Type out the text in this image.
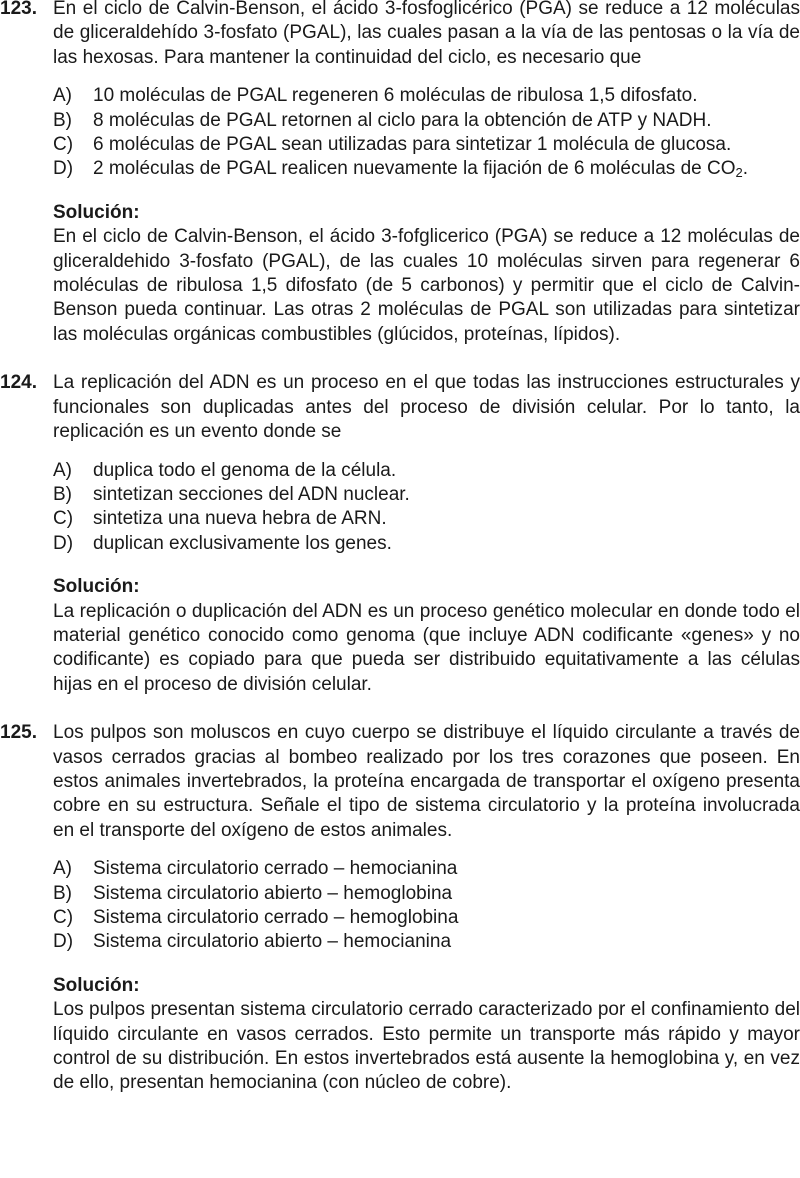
123. En el ciclo de Calvin-Benson, el ácido 3-fosfoglicérico (PGA) se reduce a 12 moléculas de gliceraldehído 3-fosfato (PGAL), las cuales pasan a la vía de las pentosas o la vía de las hexosas. Para mantener la continuidad del ciclo, es necesario que
A) 10 moléculas de PGAL regeneren 6 moléculas de ribulosa 1,5 difosfato.
B) 8 moléculas de PGAL retornen al ciclo para la obtención de ATP y NADH.
C) 6 moléculas de PGAL sean utilizadas para sintetizar 1 molécula de glucosa.
D) 2 moléculas de PGAL realicen nuevamente la fijación de 6 moléculas de $CO_2$.
Solución:
En el ciclo de Calvin-Benson, el ácido 3-fofglicerico (PGA) se reduce a 12 moléculas de gliceraldehido 3-fosfato (PGAL), de las cuales 10 moléculas sirven para regenerar 6 moléculas de ribulosa 1,5 difosfato (de 5 carbonos) y permitir que el ciclo de Calvin-Benson pueda continuar. Las otras 2 moléculas de PGAL son utilizadas para sintetizar las moléculas orgánicas combustibles (glúcidos, proteínas, lípidos).
124. La replicación del ADN es un proceso en el que todas las instrucciones estructurales y funcionales son duplicadas antes del proceso de división celular. Por lo tanto, la replicación es un evento donde se
A) duplica todo el genoma de la célula.
B) sintetizan secciones del ADN nuclear.
C) sintetiza una nueva hebra de ARN.
D) duplican exclusivamente los genes.
Solución:
La replicación o duplicación del ADN es un proceso genético molecular en donde todo el material genético conocido como genoma (que incluye ADN codificante «genes» y no codificante) es copiado para que pueda ser distribuido equitativamente a las células hijas en el proceso de división celular.
125. Los pulpos son moluscos en cuyo cuerpo se distribuye el líquido circulante a través de vasos cerrados gracias al bombeo realizado por los tres corazones que poseen. En estos animales invertebrados, la proteína encargada de transportar el oxígeno presenta cobre en su estructura. Señale el tipo de sistema circulatorio y la proteína involucrada en el transporte del oxígeno de estos animales.
A) Sistema circulatorio cerrado – hemocianina
B) Sistema circulatorio abierto – hemoglobina
C) Sistema circulatorio cerrado – hemoglobina
D) Sistema circulatorio abierto – hemocianina
Solución:
Los pulpos presentan sistema circulatorio cerrado caracterizado por el confinamiento del líquido circulante en vasos cerrados. Esto permite un transporte más rápido y mayor control de su distribución. En estos invertebrados está ausente la hemoglobina y, en vez de ello, presentan hemocianina (con núcleo de cobre).
